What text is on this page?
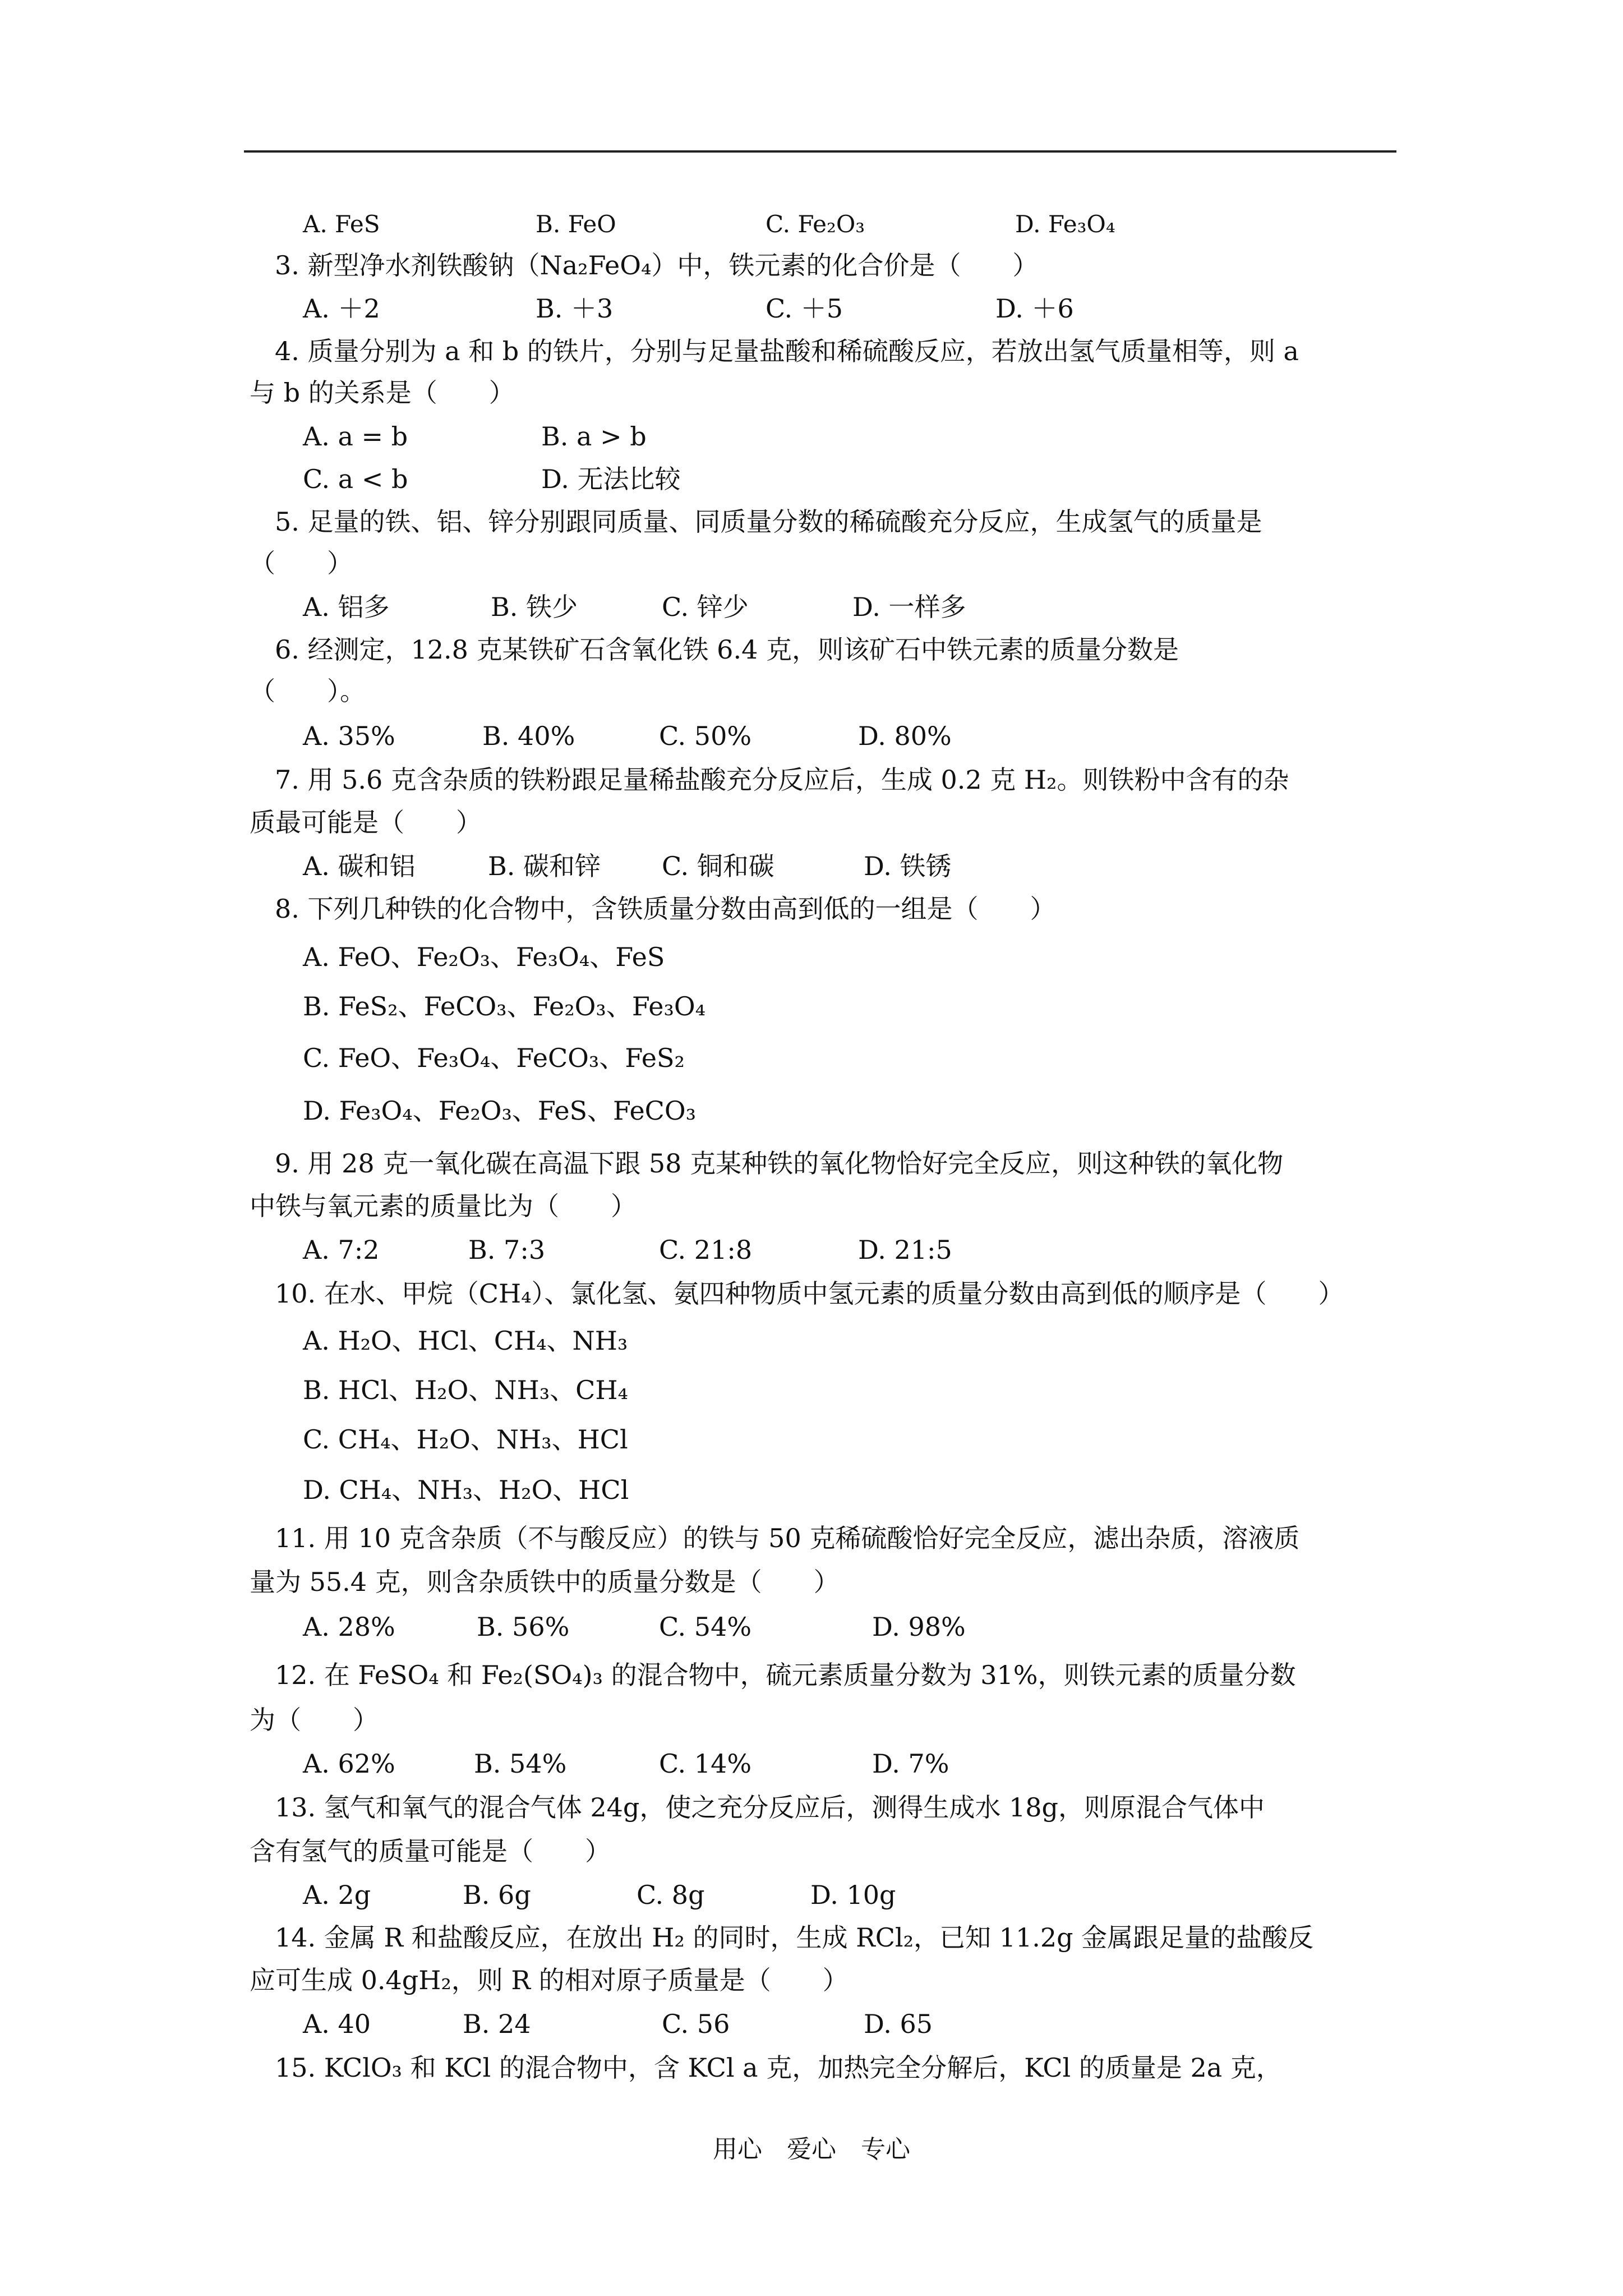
A. FeS	B. FeO	C. Fe₂O₃	D. Fe₃O₄
3. 新型净水剂铁酸钠（Na₂FeO₄）中，铁元素的化合价是（　　）
A. ＋2	B. ＋3	C. ＋5	D. ＋6
4. 质量分别为 a 和 b 的铁片，分别与足量盐酸和稀硫酸反应，若放出氢气质量相等，则 a
与 b 的关系是（　　）
A. a = b	B. a > b
C. a < b	D. 无法比较
5. 足量的铁、铝、锌分别跟同质量、同质量分数的稀硫酸充分反应，生成氢气的质量是
（　　）
A. 铝多	B. 铁少	C. 锌少	D. 一样多
6. 经测定，12.8 克某铁矿石含氧化铁 6.4 克，则该矿石中铁元素的质量分数是
（　　）。
A. 35%	B. 40%	C. 50%	D. 80%
7. 用 5.6 克含杂质的铁粉跟足量稀盐酸充分反应后，生成 0.2 克 H₂。则铁粉中含有的杂
质最可能是（　　）
A. 碳和铝	B. 碳和锌 C. 铜和碳	D. 铁锈
8. 下列几种铁的化合物中，含铁质量分数由高到低的一组是（　　）
A. FeO、Fe₂O₃、Fe₃O₄、FeS
B. FeS₂、FeCO₃、Fe₂O₃、Fe₃O₄
C. FeO、Fe₃O₄、FeCO₃、FeS₂
D. Fe₃O₄、Fe₂O₃、FeS、FeCO₃
9. 用 28 克一氧化碳在高温下跟 58 克某种铁的氧化物恰好完全反应，则这种铁的氧化物
中铁与氧元素的质量比为（　　）
A. 7:2	B. 7:3	C. 21:8	D. 21:5
10. 在水、甲烷（CH₄）、氯化氢、氨四种物质中氢元素的质量分数由高到低的顺序是（　　）
A. H₂O、HCl、CH₄、NH₃
B. HCl、H₂O、NH₃、CH₄
C. CH₄、H₂O、NH₃、HCl
D. CH₄、NH₃、H₂O、HCl
11. 用 10 克含杂质（不与酸反应）的铁与 50 克稀硫酸恰好完全反应，滤出杂质，溶液质
量为 55.4 克，则含杂质铁中的质量分数是（　　）
A. 28%	B. 56%	C. 54%	D. 98%
12. 在 FeSO₄ 和 Fe₂(SO₄)₃ 的混合物中，硫元素质量分数为 31%，则铁元素的质量分数
为（　　）
A. 62%	B. 54%	C. 14%	D. 7%
13. 氢气和氧气的混合气体 24g，使之充分反应后，测得生成水 18g，则原混合气体中
含有氢气的质量可能是（　　）
A. 2g	B. 6g	C. 8g	D. 10g
14. 金属 R 和盐酸反应，在放出 H₂ 的同时，生成 RCl₂，已知 11.2g 金属跟足量的盐酸反
应可生成 0.4gH₂，则 R 的相对原子质量是（　　）
A. 40	B. 24	C. 56	D. 65
15. KClO₃ 和 KCl 的混合物中，含 KCl a 克，加热完全分解后，KCl 的质量是 2a 克，
用心　爱心　专心
